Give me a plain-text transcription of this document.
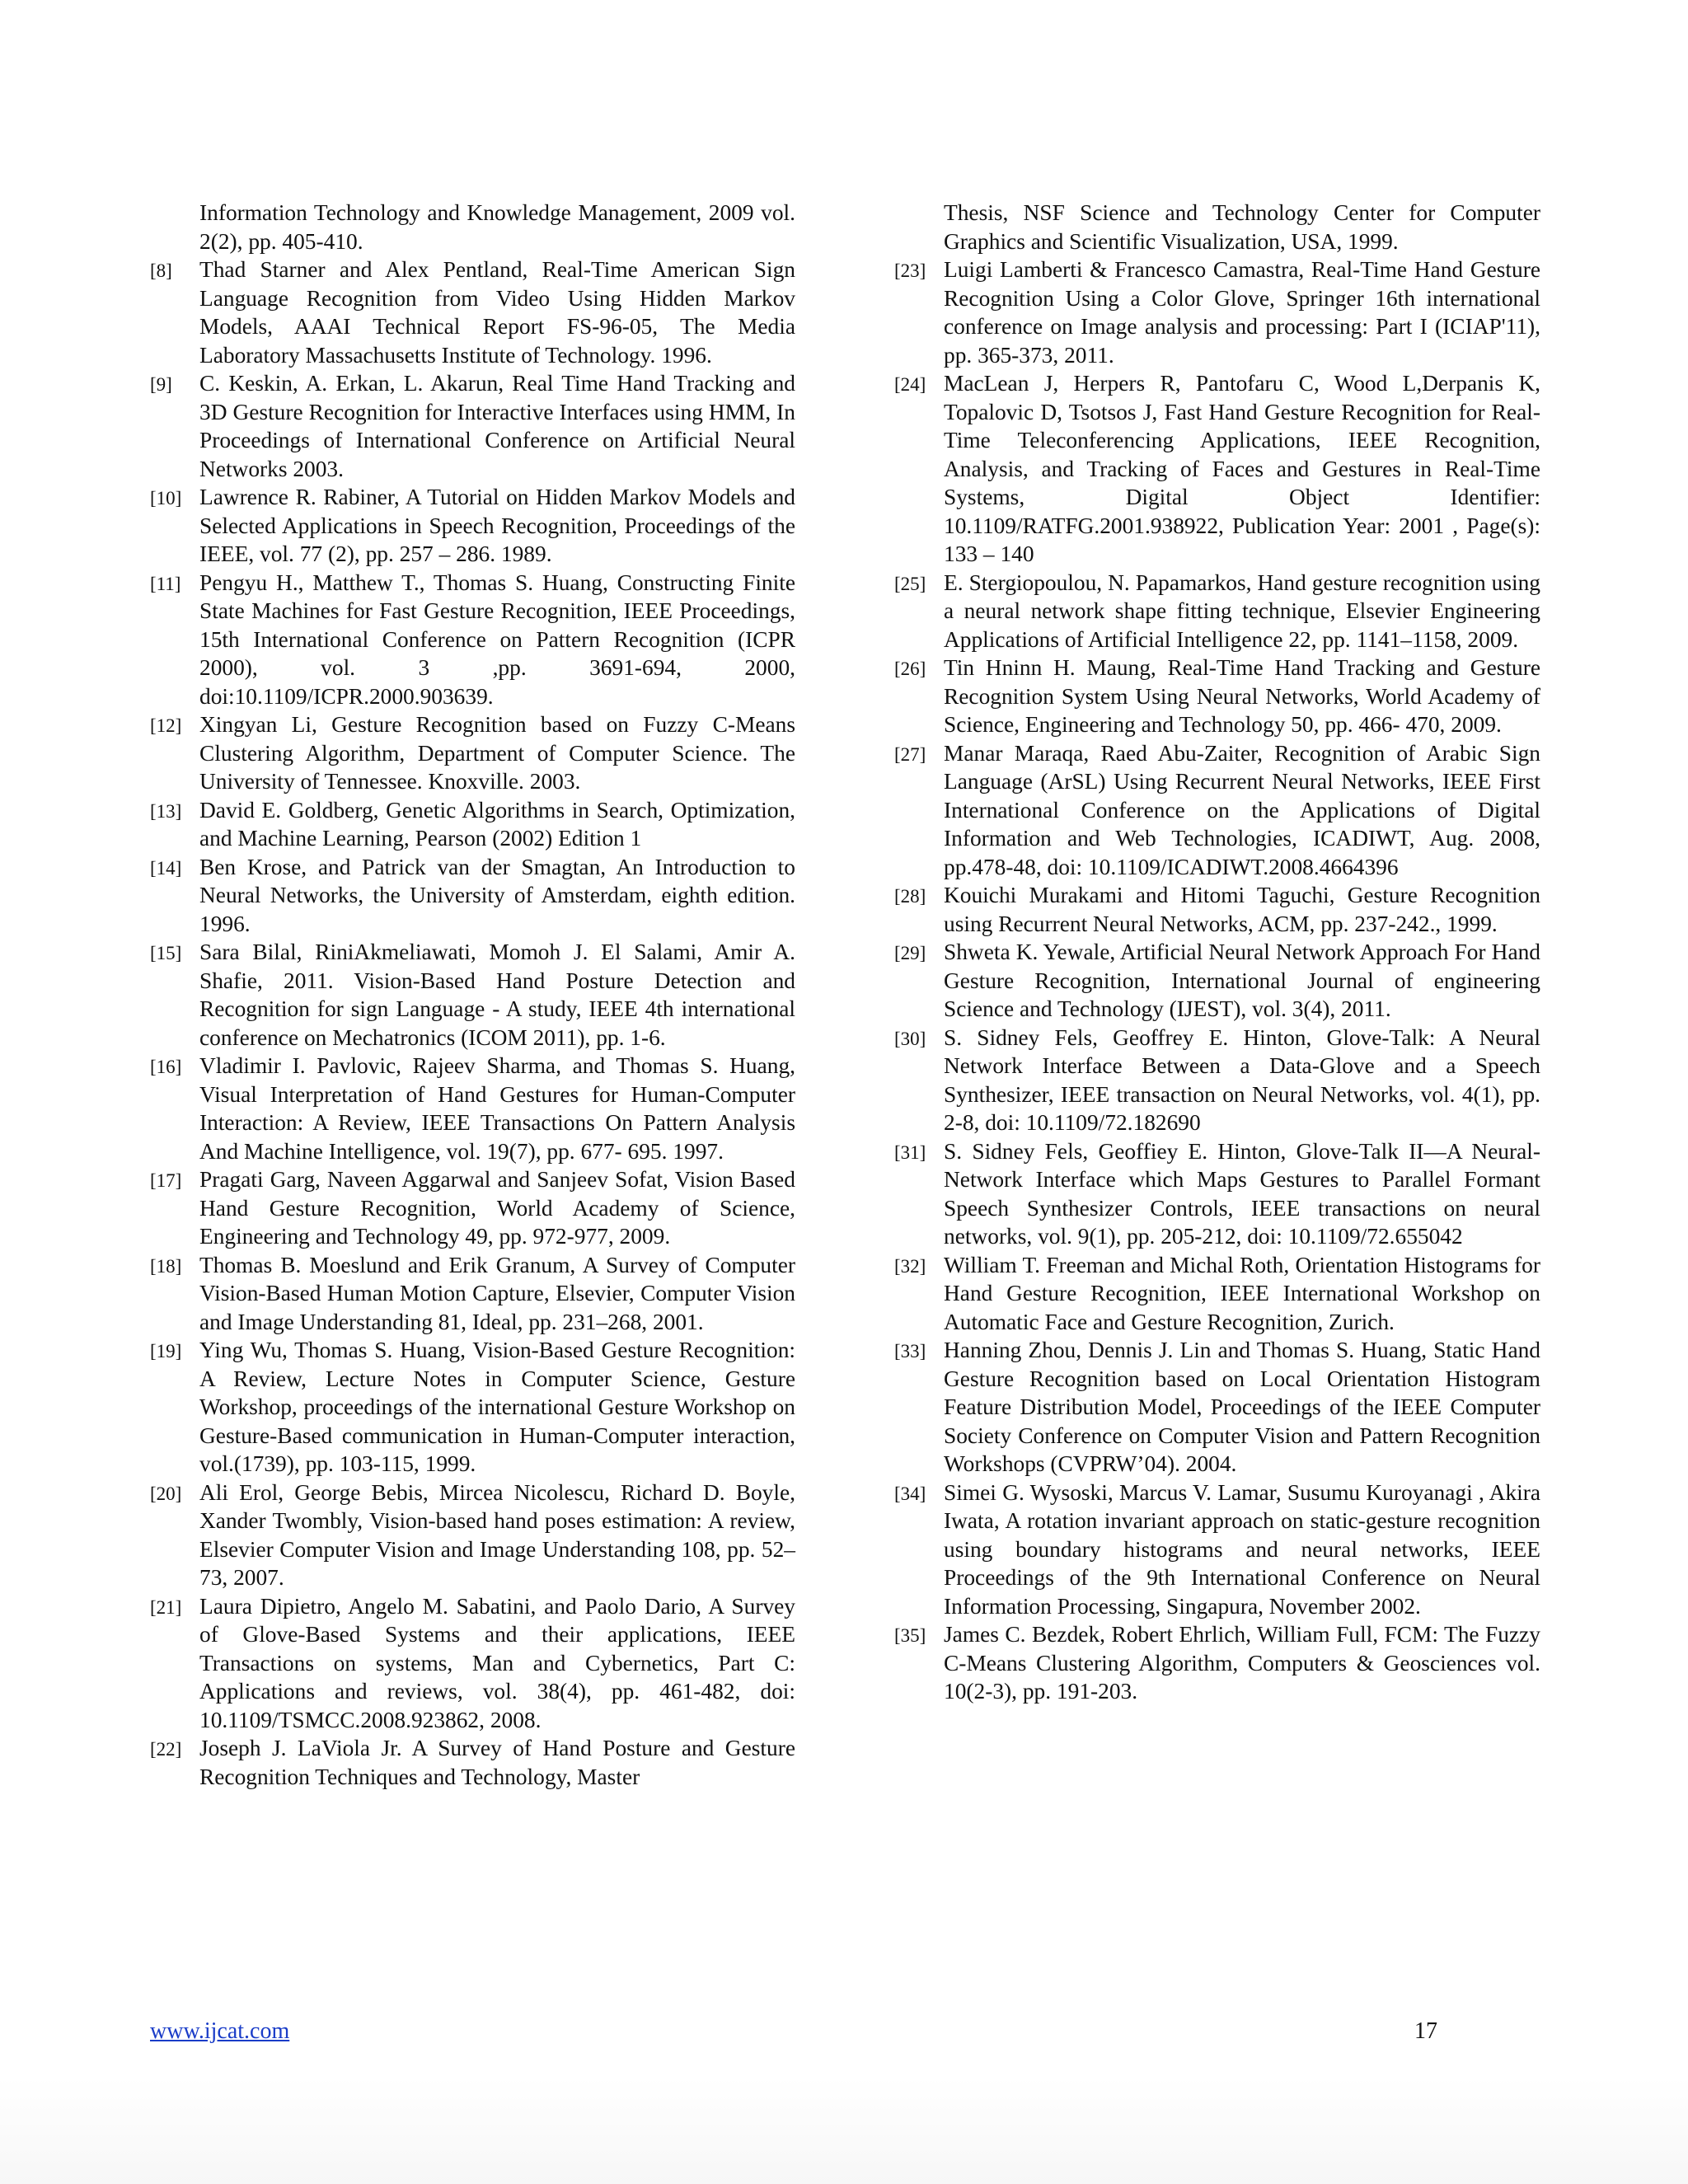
Information Technology and Knowledge Management, 2009 vol. 2(2), pp. 405-410.

[8] Thad Starner and Alex Pentland, Real-Time American Sign Language Recognition from Video Using Hidden Markov Models, AAAI Technical Report FS-96-05, The Media Laboratory Massachusetts Institute of Technology. 1996.

[9] C. Keskin, A. Erkan, L. Akarun, Real Time Hand Tracking and 3D Gesture Recognition for Interactive Interfaces using HMM, In Proceedings of International Conference on Artificial Neural Networks 2003.

[10] Lawrence R. Rabiner, A Tutorial on Hidden Markov Models and Selected Applications in Speech Recognition, Proceedings of the IEEE, vol. 77 (2), pp. 257 – 286. 1989.

[11] Pengyu H., Matthew T., Thomas S. Huang, Constructing Finite State Machines for Fast Gesture Recognition, IEEE Proceedings, 15th International Conference on Pattern Recognition (ICPR 2000), vol. 3 ,pp. 3691-694, 2000, doi:10.1109/ICPR.2000.903639.

[12] Xingyan Li, Gesture Recognition based on Fuzzy C-Means Clustering Algorithm, Department of Computer Science. The University of Tennessee. Knoxville. 2003.

[13] David E. Goldberg, Genetic Algorithms in Search, Optimization, and Machine Learning, Pearson (2002) Edition 1

[14] Ben Krose, and Patrick van der Smagtan, An Introduction to Neural Networks, the University of Amsterdam, eighth edition. 1996.

[15] Sara Bilal, RiniAkmeliawati, Momoh J. El Salami, Amir A. Shafie, 2011. Vision-Based Hand Posture Detection and Recognition for sign Language - A study, IEEE 4th international conference on Mechatronics (ICOM 2011), pp. 1-6.

[16] Vladimir I. Pavlovic, Rajeev Sharma, and Thomas S. Huang, Visual Interpretation of Hand Gestures for Human-Computer Interaction: A Review, IEEE Transactions On Pattern Analysis And Machine Intelligence, vol. 19(7), pp. 677- 695. 1997.

[17] Pragati Garg, Naveen Aggarwal and Sanjeev Sofat, Vision Based Hand Gesture Recognition, World Academy of Science, Engineering and Technology 49, pp. 972-977, 2009.

[18] Thomas B. Moeslund and Erik Granum, A Survey of Computer Vision-Based Human Motion Capture, Elsevier, Computer Vision and Image Understanding 81, Ideal, pp. 231–268, 2001.

[19] Ying Wu, Thomas S. Huang, Vision-Based Gesture Recognition: A Review, Lecture Notes in Computer Science, Gesture Workshop, proceedings of the international Gesture Workshop on Gesture-Based communication in Human-Computer interaction, vol.(1739), pp. 103-115, 1999.

[20] Ali Erol, George Bebis, Mircea Nicolescu, Richard D. Boyle, Xander Twombly, Vision-based hand poses estimation: A review, Elsevier Computer Vision and Image Understanding 108, pp. 52–73, 2007.

[21] Laura Dipietro, Angelo M. Sabatini, and Paolo Dario, A Survey of Glove-Based Systems and their applications, IEEE Transactions on systems, Man and Cybernetics, Part C: Applications and reviews, vol. 38(4), pp. 461-482, doi: 10.1109/TSMCC.2008.923862, 2008.

[22] Joseph J. LaViola Jr. A Survey of Hand Posture and Gesture Recognition Techniques and Technology, Master

Thesis, NSF Science and Technology Center for Computer Graphics and Scientific Visualization, USA, 1999.

[23] Luigi Lamberti & Francesco Camastra, Real-Time Hand Gesture Recognition Using a Color Glove, Springer 16th international conference on Image analysis and processing: Part I (ICIAP'11), pp. 365-373, 2011.

[24] MacLean J, Herpers R, Pantofaru C, Wood L,Derpanis K, Topalovic D, Tsotsos J, Fast Hand Gesture Recognition for Real-Time Teleconferencing Applications, IEEE Recognition, Analysis, and Tracking of Faces and Gestures in Real-Time Systems, Digital Object Identifier: 10.1109/RATFG.2001.938922, Publication Year: 2001 , Page(s): 133 – 140

[25] E. Stergiopoulou, N. Papamarkos, Hand gesture recognition using a neural network shape fitting technique, Elsevier Engineering Applications of Artificial Intelligence 22, pp. 1141–1158, 2009.

[26] Tin Hninn H. Maung, Real-Time Hand Tracking and Gesture Recognition System Using Neural Networks, World Academy of Science, Engineering and Technology 50, pp. 466- 470, 2009.

[27] Manar Maraqa, Raed Abu-Zaiter, Recognition of Arabic Sign Language (ArSL) Using Recurrent Neural Networks, IEEE First International Conference on the Applications of Digital Information and Web Technologies, ICADIWT, Aug. 2008, pp.478-48, doi: 10.1109/ICADIWT.2008.4664396

[28] Kouichi Murakami and Hitomi Taguchi, Gesture Recognition using Recurrent Neural Networks, ACM, pp. 237-242., 1999.

[29] Shweta K. Yewale, Artificial Neural Network Approach For Hand Gesture Recognition, International Journal of engineering Science and Technology (IJEST), vol. 3(4), 2011.

[30] S. Sidney Fels, Geoffrey E. Hinton, Glove-Talk: A Neural Network Interface Between a Data-Glove and a Speech Synthesizer, IEEE transaction on Neural Networks, vol. 4(1), pp. 2-8, doi: 10.1109/72.182690

[31] S. Sidney Fels, Geoffiey E. Hinton, Glove-Talk II—A Neural-Network Interface which Maps Gestures to Parallel Formant Speech Synthesizer Controls, IEEE transactions on neural networks, vol. 9(1), pp. 205-212, doi: 10.1109/72.655042

[32] William T. Freeman and Michal Roth, Orientation Histograms for Hand Gesture Recognition, IEEE International Workshop on Automatic Face and Gesture Recognition, Zurich.

[33] Hanning Zhou, Dennis J. Lin and Thomas S. Huang, Static Hand Gesture Recognition based on Local Orientation Histogram Feature Distribution Model, Proceedings of the IEEE Computer Society Conference on Computer Vision and Pattern Recognition Workshops (CVPRW’04). 2004.

[34] Simei G. Wysoski, Marcus V. Lamar, Susumu Kuroyanagi , Akira Iwata, A rotation invariant approach on static-gesture recognition using boundary histograms and neural networks, IEEE Proceedings of the 9th International Conference on Neural Information Processing, Singapura, November 2002.

[35] James C. Bezdek, Robert Ehrlich, William Full, FCM: The Fuzzy C-Means Clustering Algorithm, Computers & Geosciences vol. 10(2-3), pp. 191-203.

www.ijcat.com	17
